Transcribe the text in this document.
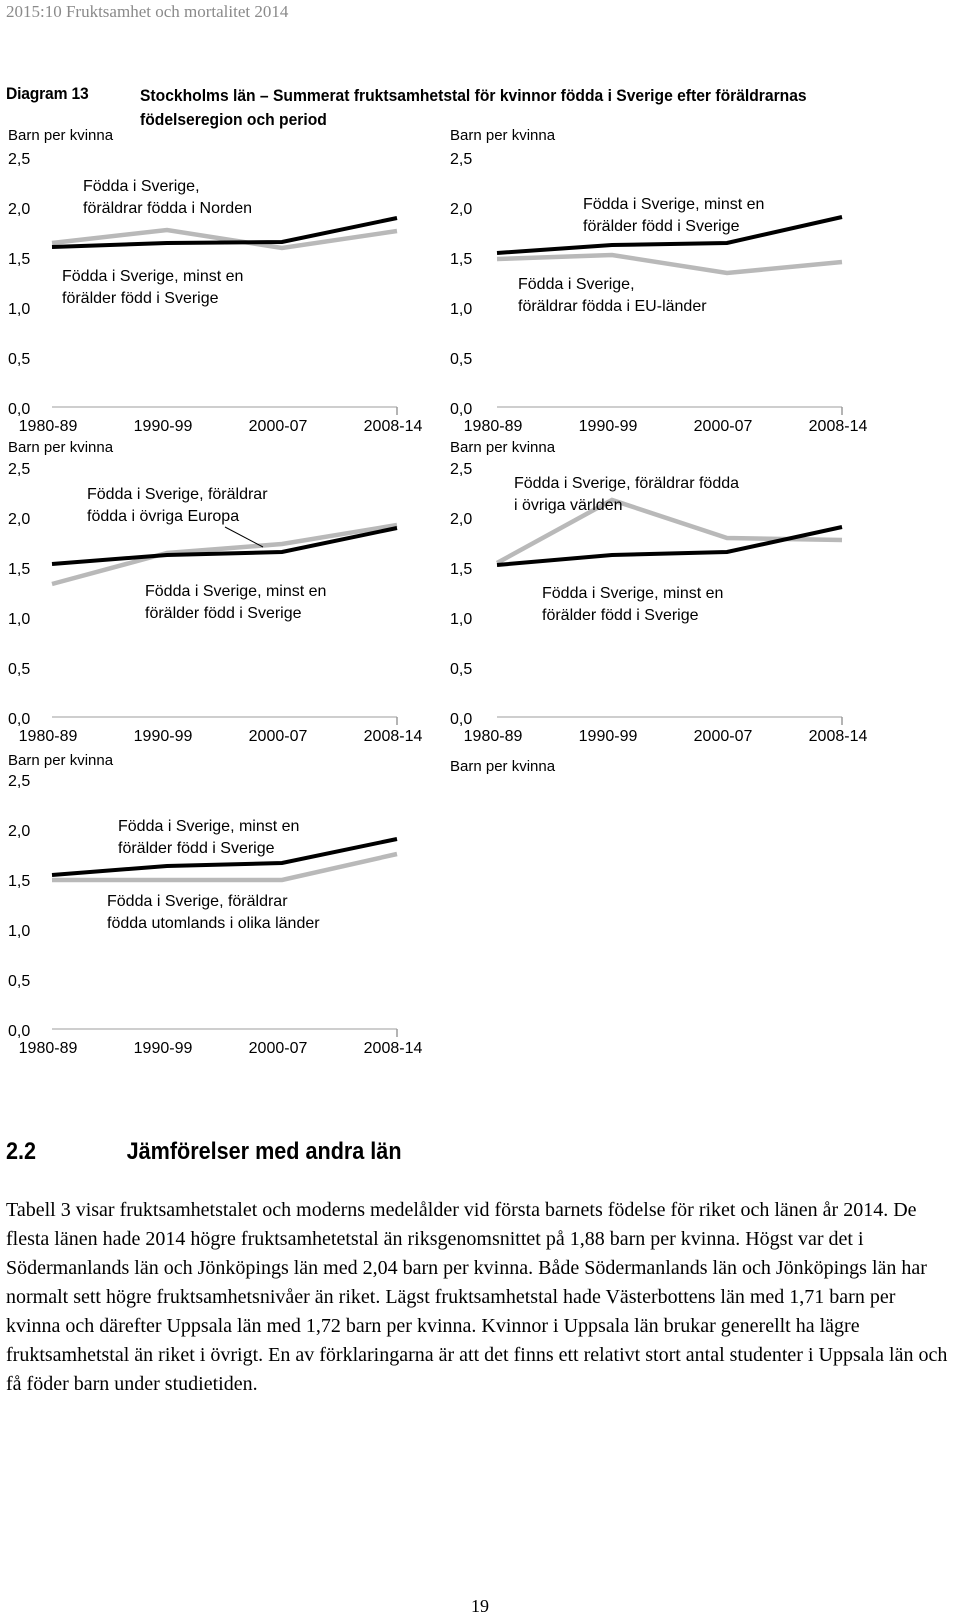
2015:10 Fruktsamhet och mortalitet 2014
Diagram 13	Stockholms län – Summerat fruktsamhetstal för kvinnor födda i Sverige efter föräldrarnas födelseregion och period
Barn per kvinna
0,0
0,5
1,0
1,5
2,0
2,5
1980-89	1990-99	2000-07	2008-14
Födda i Sverige,
föräldrar födda i Norden
Födda i Sverige, minst en
förälder född i Sverige
Barn per kvinna
0,0
0,5
1,0
1,5
2,0
2,5
1980-89	1990-99	2000-07	2008-14
Födda i Sverige, minst en
förälder född i Sverige
Födda i Sverige,
föräldrar födda i EU-länder
Barn per kvinna
0,0
0,5
1,0
1,5
2,0
2,5
1980-89	1990-99	2000-07	2008-14
Födda i Sverige, föräldrar
födda i övriga Europa
Födda i Sverige, minst en
förälder född i Sverige
Barn per kvinna
0,0
0,5
1,0
1,5
2,0
2,5
1980-89	1990-99	2000-07	2008-14
Födda i Sverige, föräldrar födda
i övriga världen
Födda i Sverige, minst en
förälder född i Sverige
Barn per kvinna
0,0
0,5
1,0
1,5
2,0
2,5
1980-89	1990-99	2000-07	2008-14
Födda i Sverige, minst en
förälder född i Sverige
Födda i Sverige, föräldrar
födda utomlands i olika länder
Barn per kvinna
2.2	Jämförelser med andra län
Tabell 3 visar fruktsamhetstalet och moderns medelålder vid första barnets födelse för riket och länen år 2014. De flesta länen hade 2014 högre fruktsamhetetstal än riksgenomsnittet på 1,88 barn per kvinna. Högst var det i Södermanlands län och Jönköpings län med 2,04 barn per kvinna. Både Södermanlands län och Jönköpings län har normalt sett högre fruktsamhetsnivåer än riket. Lägst fruktsamhetstal hade Västerbottens län med 1,71 barn per kvinna och därefter Uppsala län med 1,72 barn per kvinna. Kvinnor i Uppsala län brukar generellt ha lägre fruktsamhetstal än riket i övrigt. En av förklaringarna är att det finns ett relativt stort antal studenter i Uppsala län och få föder barn under studietiden.
19
